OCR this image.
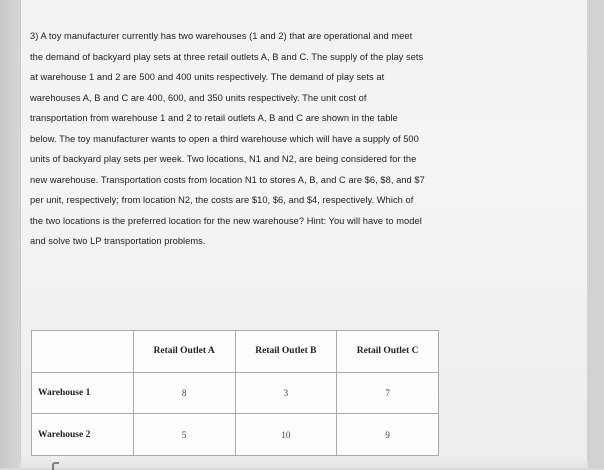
3) A toy manufacturer currently has two warehouses (1 and 2) that are operational and meet
the demand of backyard play sets at three retail outlets A, B and C. The supply of the play sets
at warehouse 1 and 2 are 500 and 400 units respectively. The demand of play sets at
warehouses A, B and C are 400, 600, and 350 units respectively. The unit cost of
transportation from warehouse 1 and 2 to retail outlets A, B and C are shown in the table
below. The toy manufacturer wants to open a third warehouse which will have a supply of 500
units of backyard play sets per week. Two locations, N1 and N2, are being considered for the
new warehouse. Transportation costs from location N1 to stores A, B, and C are $6, $8, and $7
per unit, respectively; from location N2, the costs are $10, $6, and $4, respectively. Which of
the two locations is the preferred location for the new warehouse? Hint: You will have to model
and solve two LP transportation problems.
	Retail Outlet A	Retail Outlet B	Retail Outlet C
Warehouse 1	8	3	7
Warehouse 2	5	10	9
